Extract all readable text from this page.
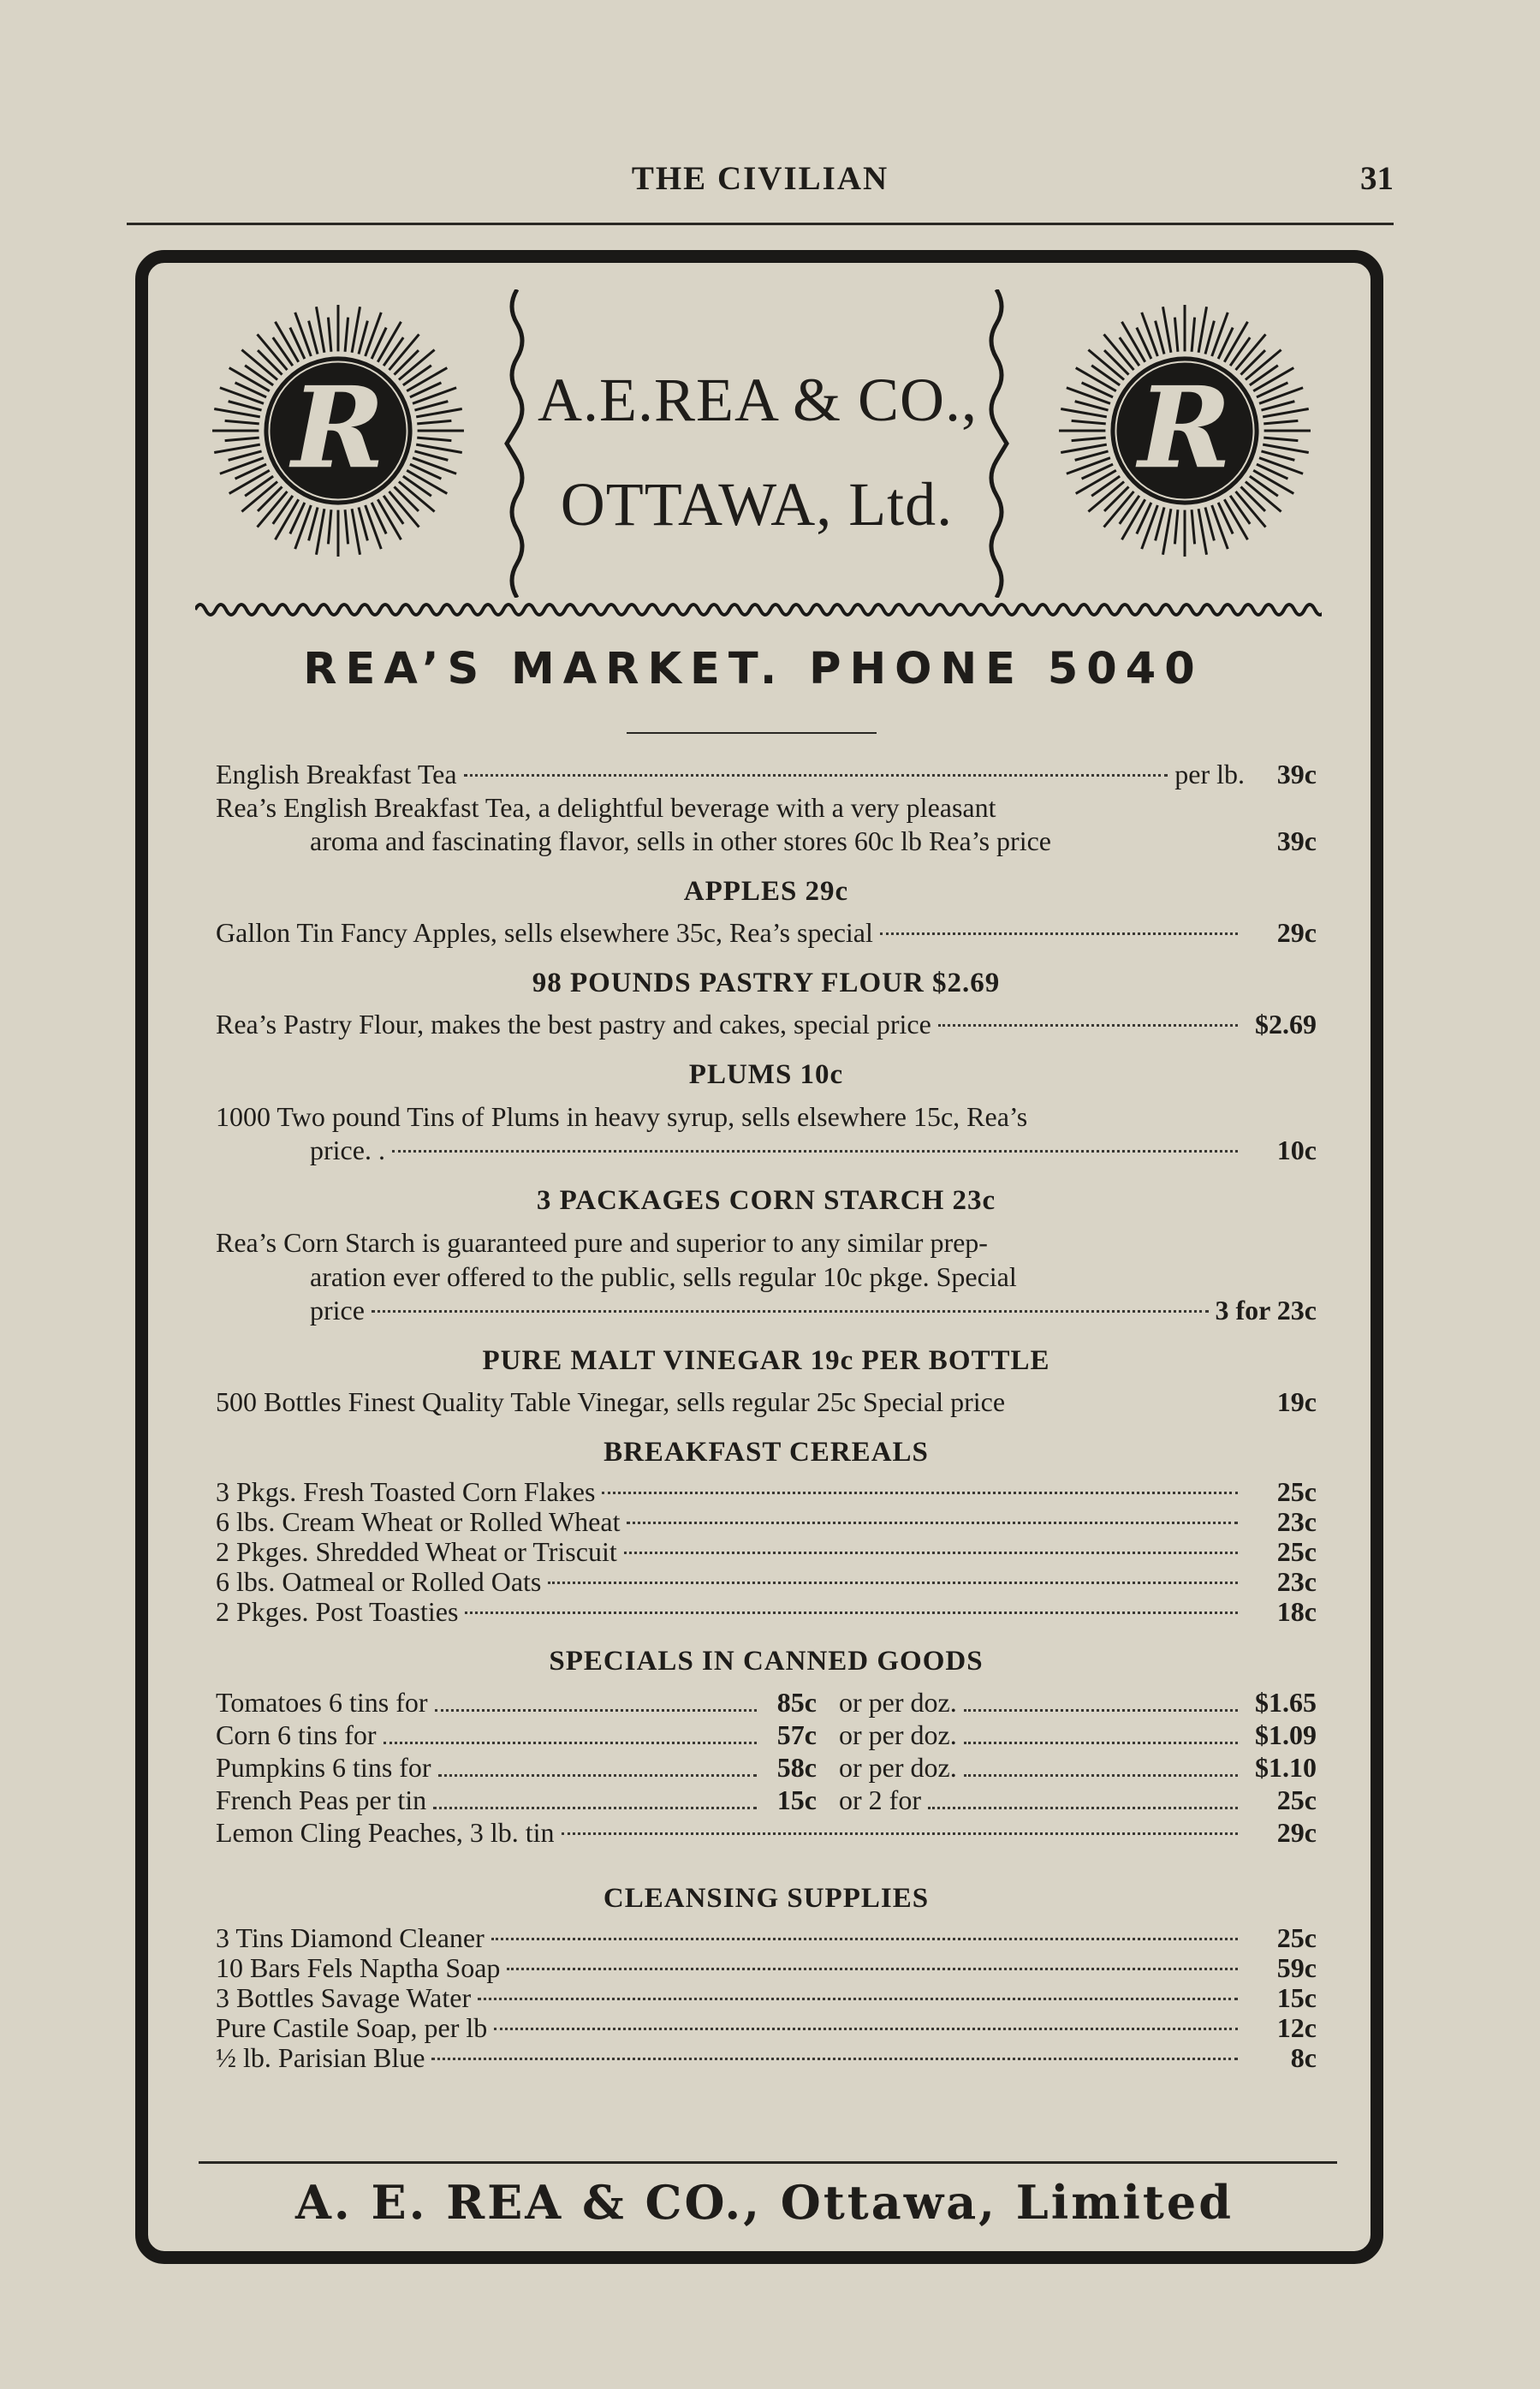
THE CIVILIAN	31
R	R
A.E.REA & CO.,
OTTAWA, Ltd.
REA’S MARKET. PHONE 5040
English Breakfast Tea	per lb.	39c
Rea’s English Breakfast Tea, a delightful beverage with a very pleasant
aroma and fascinating flavor, sells in other stores 60c lb Rea’s price	39c
APPLES 29c
Gallon Tin Fancy Apples, sells elsewhere 35c, Rea’s special	29c
98 POUNDS PASTRY FLOUR $2.69
Rea’s Pastry Flour, makes the best pastry and cakes, special price	$2.69
PLUMS 10c
1000 Two pound Tins of Plums in heavy syrup, sells elsewhere 15c, Rea’s
price. .	10c
3 PACKAGES CORN STARCH 23c
Rea’s Corn Starch is guaranteed pure and superior to any similar prep-
aration ever offered to the public, sells regular 10c pkge. Special
price	3 for 23c
PURE MALT VINEGAR 19c PER BOTTLE
500 Bottles Finest Quality Table Vinegar, sells regular 25c Special price	19c
BREAKFAST CEREALS
3 Pkgs. Fresh Toasted Corn Flakes	25c
6 lbs. Cream Wheat or Rolled Wheat	23c
2 Pkges. Shredded Wheat or Triscuit	25c
6 lbs. Oatmeal or Rolled Oats	23c
2 Pkges. Post Toasties	18c
SPECIALS IN CANNED GOODS
Tomatoes 6 tins for	85c or per doz.	$1.65
Corn 6 tins for	57c or per doz.	$1.09
Pumpkins 6 tins for	58c or per doz.	$1.10
French Peas per tin	15c or 2 for	25c
Lemon Cling Peaches, 3 lb. tin	29c
CLEANSING SUPPLIES
3 Tins Diamond Cleaner	25c
10 Bars Fels Naptha Soap	59c
3 Bottles Savage Water	15c
Pure Castile Soap, per lb	12c
½ lb. Parisian Blue	8c
A. E. REA & CO., Ottawa, Limited
